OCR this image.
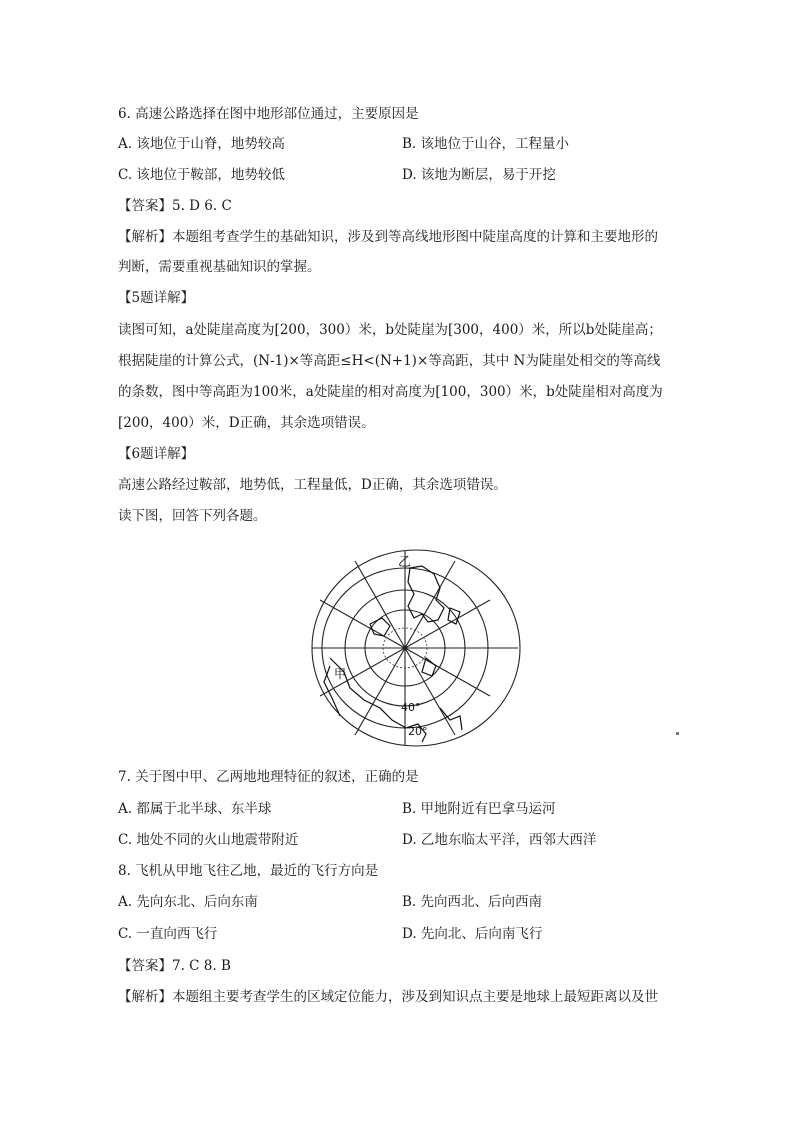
6. 高速公路选择在图中地形部位通过，主要原因是
A. 该地位于山脊，地势较高	B. 该地位于山谷，工程量小
C. 该地位于鞍部，地势较低	D. 该地为断层，易于开挖
【答案】5. D 6. C
【解析】本题组考查学生的基础知识，涉及到等高线地形图中陡崖高度的计算和主要地形的
判断，需要重视基础知识的掌握。
【5题详解】
读图可知，a处陡崖高度为[200，300）米，b处陡崖为[300，400）米，所以b处陡崖高；
根据陡崖的计算公式，(N-1)×等高距≤H<(N+1)×等高距，其中 N为陡崖处相交的等高线
的条数，图中等高距为100米，a处陡崖的相对高度为[100，300）米，b处陡崖相对高度为
[200，400）米，D正确，其余选项错误。
【6题详解】
高速公路经过鞍部，地势低，工程量低，D正确，其余选项错误。
读下图，回答下列各题。
乙
甲
40°
20°
7. 关于图中甲、乙两地地理特征的叙述，正确的是
A. 都属于北半球、东半球	B. 甲地附近有巴拿马运河
C. 地处不同的火山地震带附近	D. 乙地东临太平洋，西邻大西洋
8. 飞机从甲地飞往乙地，最近的飞行方向是
A. 先向东北、后向东南	B. 先向西北、后向西南
C. 一直向西飞行	D. 先向北、后向南飞行
【答案】7. C 8. B
【解析】本题组主要考查学生的区域定位能力，涉及到知识点主要是地球上最短距离以及世
